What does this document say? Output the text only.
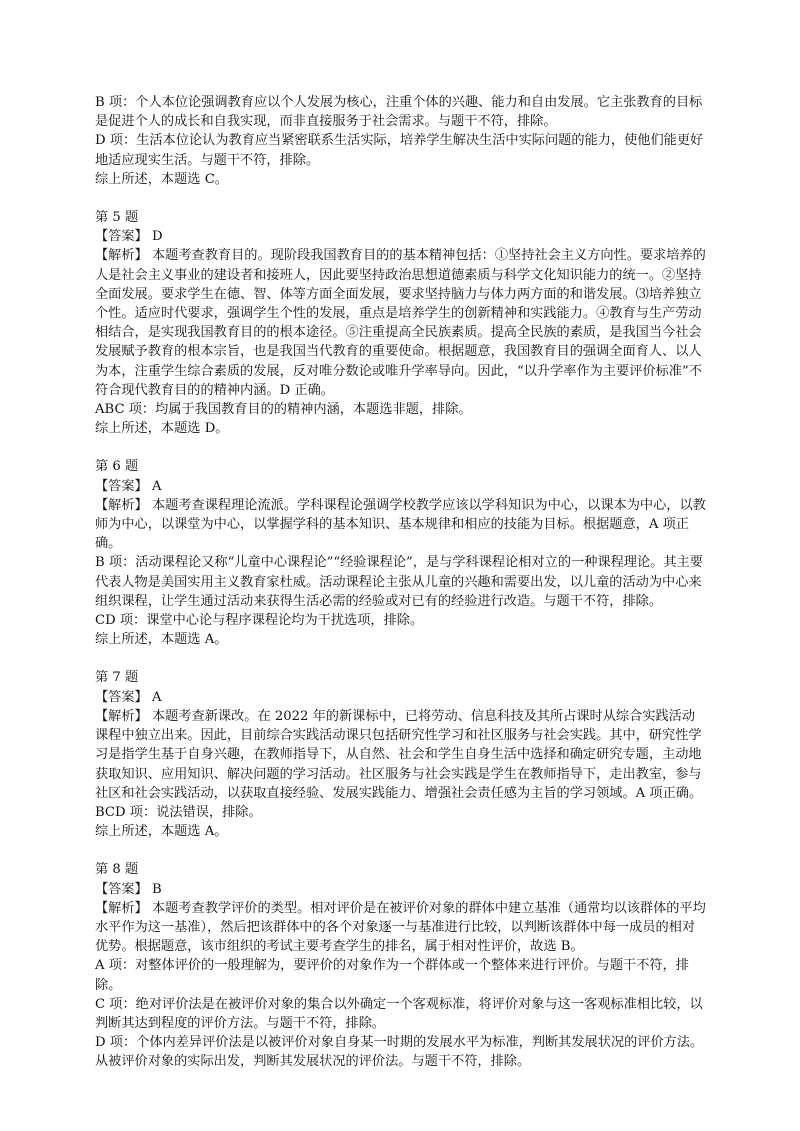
B 项：个人本位论强调教育应以个人发展为核心，注重个体的兴趣、能力和自由发展。它主张教育的目标是促进个人的成长和自我实现，而非直接服务于社会需求。与题干不符，排除。

D 项：生活本位论认为教育应当紧密联系生活实际，培养学生解决生活中实际问题的能力，使他们能更好地适应现实生活。与题干不符，排除。

综上所述，本题选 C。

第 5 题

【答案】 D

【解析】 本题考查教育目的。现阶段我国教育目的的基本精神包括：①坚持社会主义方向性。要求培养的人是社会主义事业的建设者和接班人，因此要坚持政治思想道德素质与科学文化知识能力的统一。②坚持全面发展。要求学生在德、智、体等方面全面发展，要求坚持脑力与体力两方面的和谐发展。⑶培养独立个性。适应时代要求，强调学生个性的发展，重点是培养学生的创新精神和实践能力。④教育与生产劳动相结合，是实现我国教育目的的根本途径。⑤注重提高全民族素质。提高全民族的素质，是我国当今社会发展赋予教育的根本宗旨，也是我国当代教育的重要使命。根据题意，我国教育目的强调全面育人、以人为本，注重学生综合素质的发展，反对唯分数论或唯升学率导向。因此，“以升学率作为主要评价标准”不符合现代教育目的的精神内涵。D 正确。

ABC 项：均属于我国教育目的的精神内涵，本题选非题，排除。

综上所述，本题选 D。

第 6 题

【答案】 A

【解析】 本题考查课程理论流派。学科课程论强调学校教学应该以学科知识为中心，以课本为中心，以教师为中心，以课堂为中心，以掌握学科的基本知识、基本规律和相应的技能为目标。根据题意，A 项正确。

B 项：活动课程论又称“儿童中心课程论”“经验课程论”，是与学科课程论相对立的一种课程理论。其主要代表人物是美国实用主义教育家杜威。活动课程论主张从儿童的兴趣和需要出发，以儿童的活动为中心来组织课程，让学生通过活动来获得生活必需的经验或对已有的经验进行改造。与题干不符，排除。

CD 项：课堂中心论与程序课程论均为干扰选项，排除。

综上所述，本题选 A。

第 7 题

【答案】 A

【解析】 本题考查新课改。在 2022 年的新课标中，已将劳动、信息科技及其所占课时从综合实践活动课程中独立出来。因此，目前综合实践活动课只包括研究性学习和社区服务与社会实践。其中，研究性学习是指学生基于自身兴趣，在教师指导下，从自然、社会和学生自身生活中选择和确定研究专题，主动地获取知识、应用知识、解决问题的学习活动。社区服务与社会实践是学生在教师指导下，走出教室，参与社区和社会实践活动，以获取直接经验、发展实践能力、增强社会责任感为主旨的学习领域。A 项正确。

BCD 项：说法错误，排除。

综上所述，本题选 A。

第 8 题

【答案】 B

【解析】 本题考查教学评价的类型。相对评价是在被评价对象的群体中建立基准（通常均以该群体的平均水平作为这一基准），然后把该群体中的各个对象逐一与基准进行比较，以判断该群体中每一成员的相对优势。根据题意，该市组织的考试主要考查学生的排名，属于相对性评价，故选 B。

A 项：对整体评价的一般理解为，要评价的对象作为一个群体或一个整体来进行评价。与题干不符，排除。

C 项：绝对评价法是在被评价对象的集合以外确定一个客观标准，将评价对象与这一客观标准相比较，以判断其达到程度的评价方法。与题干不符，排除。

D 项：个体内差异评价法是以被评价对象自身某一时期的发展水平为标准，判断其发展状况的评价方法。从被评价对象的实际出发，判断其发展状况的评价法。与题干不符，排除。
